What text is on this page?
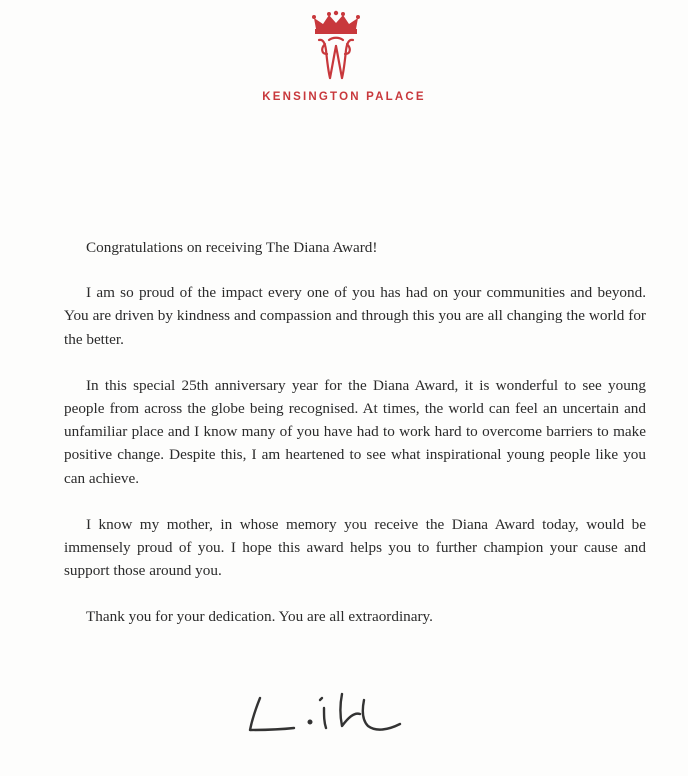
KENSINGTON PALACE

Congratulations on receiving The Diana Award!

I am so proud of the impact every one of you has had on your communities and beyond. You are driven by kindness and compassion and through this you are all changing the world for the better.

In this special 25th anniversary year for the Diana Award, it is wonderful to see young people from across the globe being recognised. At times, the world can feel an uncertain and unfamiliar place and I know many of you have had to work hard to overcome barriers to make positive change. Despite this, I am heartened to see what inspirational young people like you can achieve.

I know my mother, in whose memory you receive the Diana Award today, would be immensely proud of you. I hope this award helps you to further champion your cause and support those around you.

Thank you for your dedication. You are all extraordinary.
